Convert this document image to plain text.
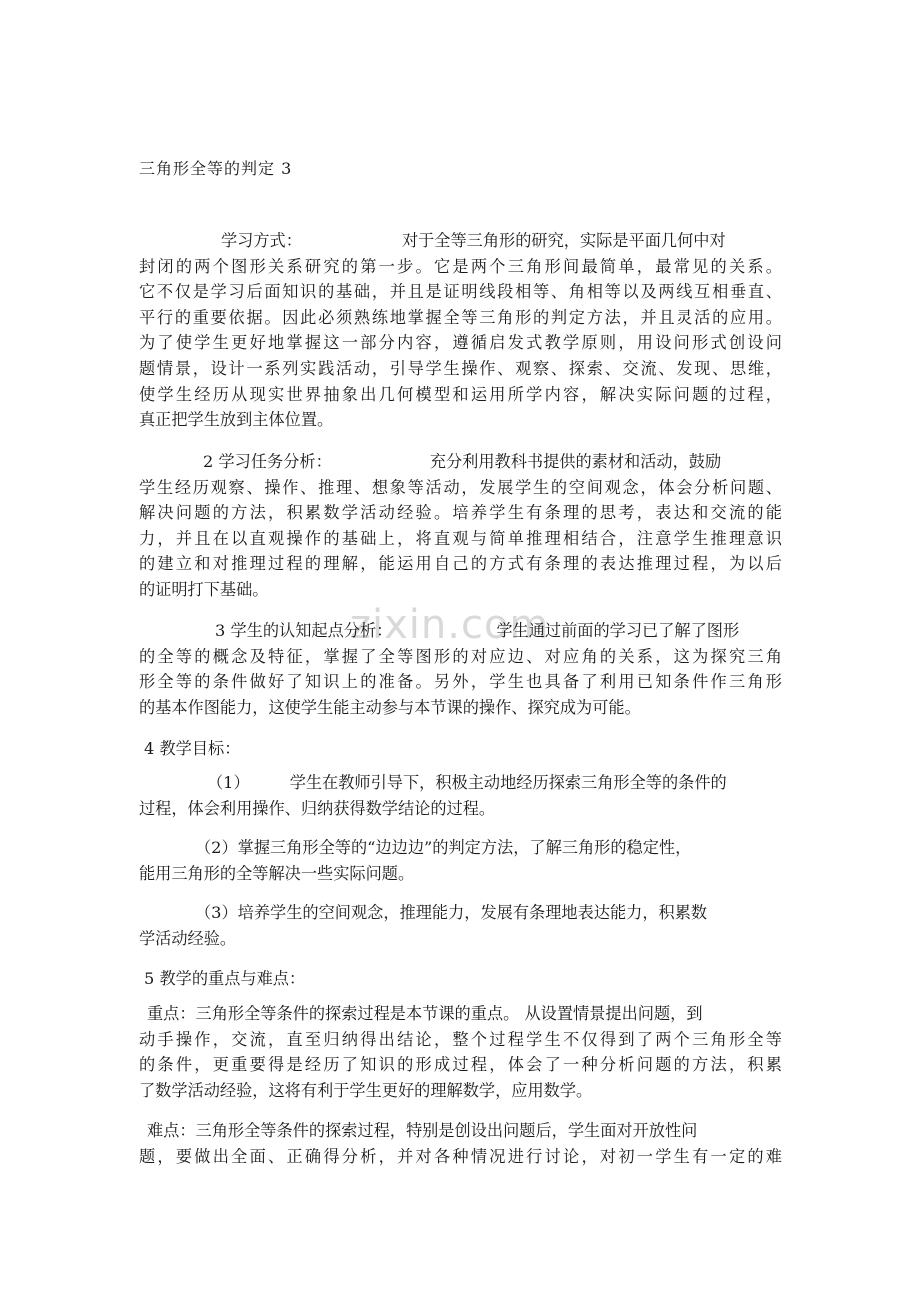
zixin.com
三角形全等的判定 3
学习方式：	对于全等三角形的研究，实际是平面几何中对
封闭的两个图形关系研究的第一步。它是两个三角形间最简单，最常见的关系。
它不仅是学习后面知识的基础，并且是证明线段相等、角相等以及两线互相垂直、
平行的重要依据。因此必须熟练地掌握全等三角形的判定方法，并且灵活的应用。
为了使学生更好地掌握这一部分内容，遵循启发式教学原则，用设问形式创设问
题情景，设计一系列实践活动，引导学生操作、观察、探索、交流、发现、思维，
使学生经历从现实世界抽象出几何模型和运用所学内容，解决实际问题的过程，
真正把学生放到主体位置。
2 学习任务分析：	充分利用教科书提供的素材和活动，鼓励
学生经历观察、操作、推理、想象等活动，发展学生的空间观念，体会分析问题、
解决问题的方法，积累数学活动经验。培养学生有条理的思考，表达和交流的能
力，并且在以直观操作的基础上，将直观与简单推理相结合，注意学生推理意识
的建立和对推理过程的理解，能运用自己的方式有条理的表达推理过程，为以后
的证明打下基础。
3 学生的认知起点分析：	学生通过前面的学习已了解了图形
的全等的概念及特征，掌握了全等图形的对应边、对应角的关系，这为探究三角
形全等的条件做好了知识上的准备。另外，学生也具备了利用已知条件作三角形
的基本作图能力，这使学生能主动参与本节课的操作、探究成为可能。
4 教学目标：
（1） 学生在教师引导下，积极主动地经历探索三角形全等的条件的
过程，体会利用操作、归纳获得数学结论的过程。
（2）掌握三角形全等的“边边边”的判定方法，了解三角形的稳定性，
能用三角形的全等解决一些实际问题。
（3）培养学生的空间观念，推理能力，发展有条理地表达能力，积累数
学活动经验。
5 教学的重点与难点：
重点：三角形全等条件的探索过程是本节课的重点。 从设置情景提出问题，到
动手操作，交流，直至归纳得出结论，整个过程学生不仅得到了两个三角形全等
的条件，更重要得是经历了知识的形成过程，体会了一种分析问题的方法，积累
了数学活动经验，这将有利于学生更好的理解数学，应用数学。
难点：三角形全等条件的探索过程，特别是创设出问题后，学生面对开放性问
题，要做出全面、正确得分析，并对各种情况进行讨论，对初一学生有一定的难
